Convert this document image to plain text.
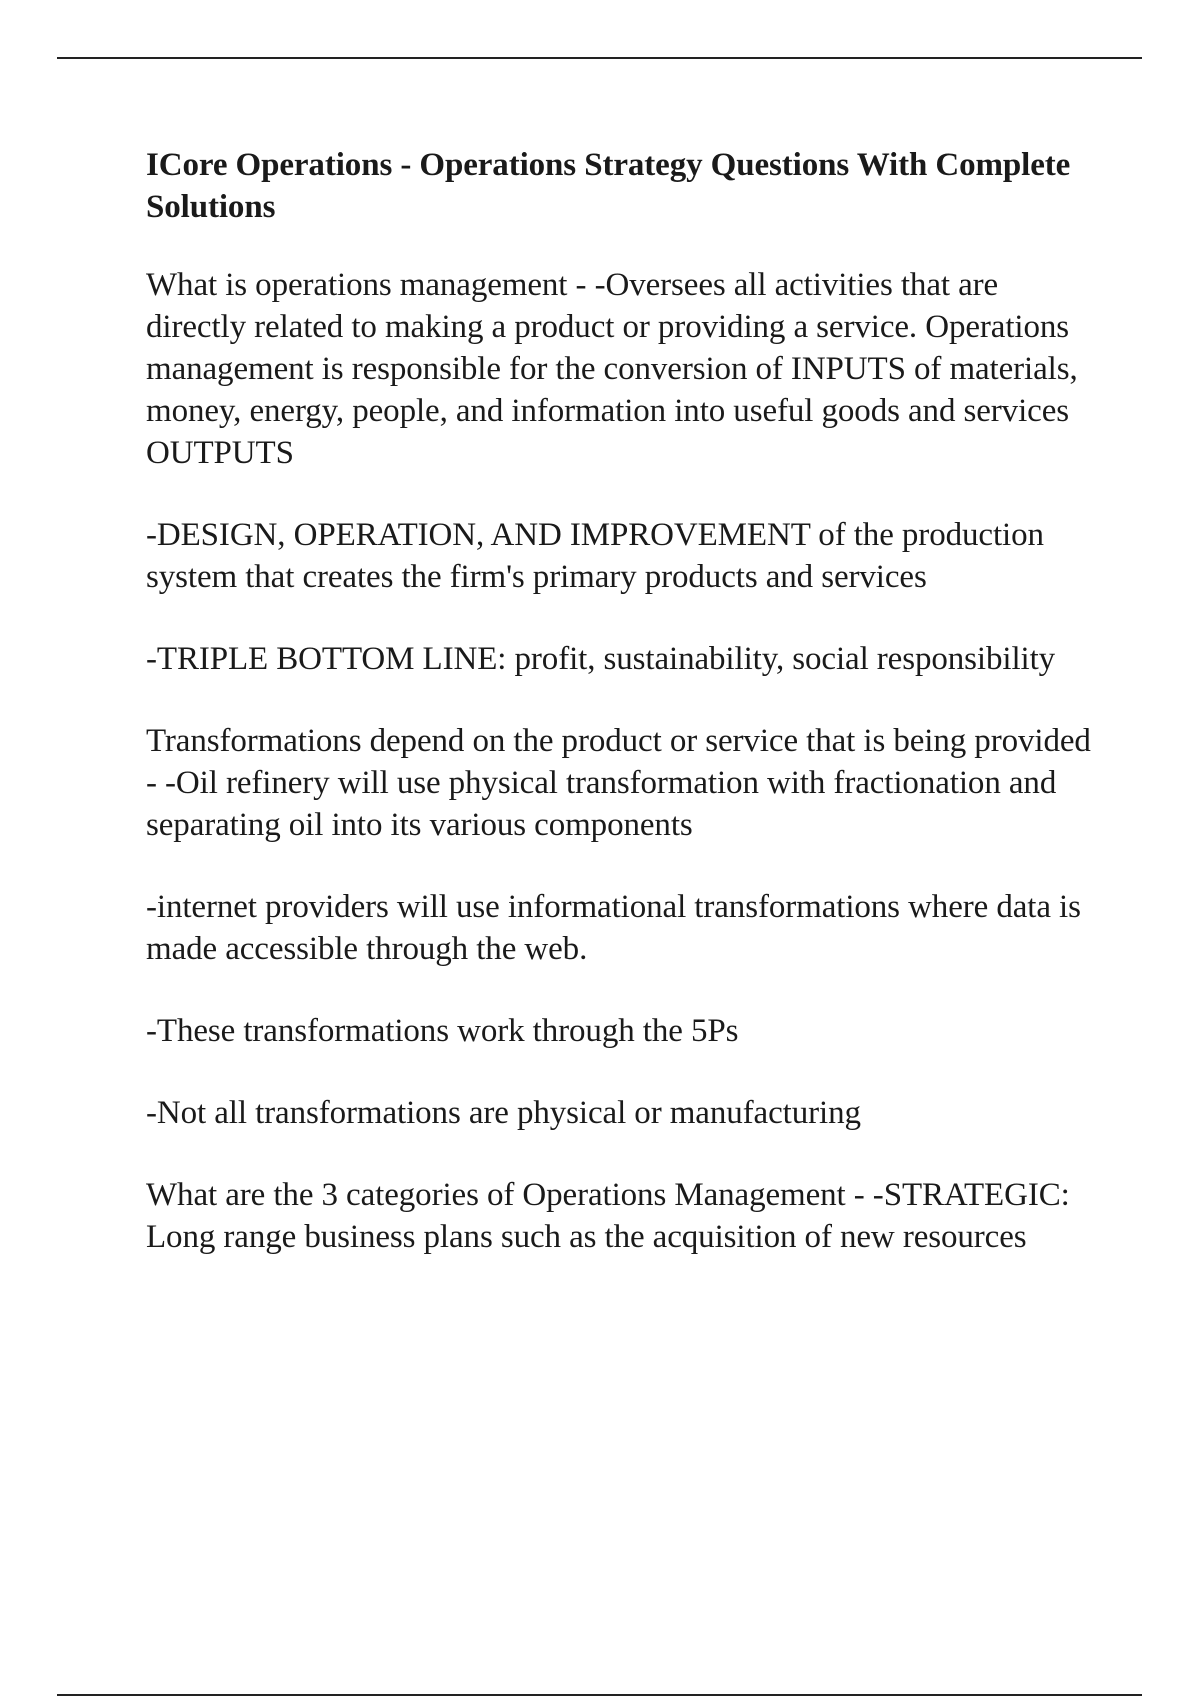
ICore Operations - Operations Strategy Questions With Complete Solutions

What is operations management - -Oversees all activities that are directly related to making a product or providing a service. Operations management is responsible for the conversion of INPUTS of materials, money, energy, people, and information into useful goods and services OUTPUTS

-DESIGN, OPERATION, AND IMPROVEMENT of the production system that creates the firm's primary products and services

-TRIPLE BOTTOM LINE: profit, sustainability, social responsibility

Transformations depend on the product or service that is being provided - -Oil refinery will use physical transformation with fractionation and separating oil into its various components

-internet providers will use informational transformations where data is made accessible through the web.

-These transformations work through the 5Ps

-Not all transformations are physical or manufacturing

What are the 3 categories of Operations Management - -STRATEGIC: Long range business plans such as the acquisition of new resources
